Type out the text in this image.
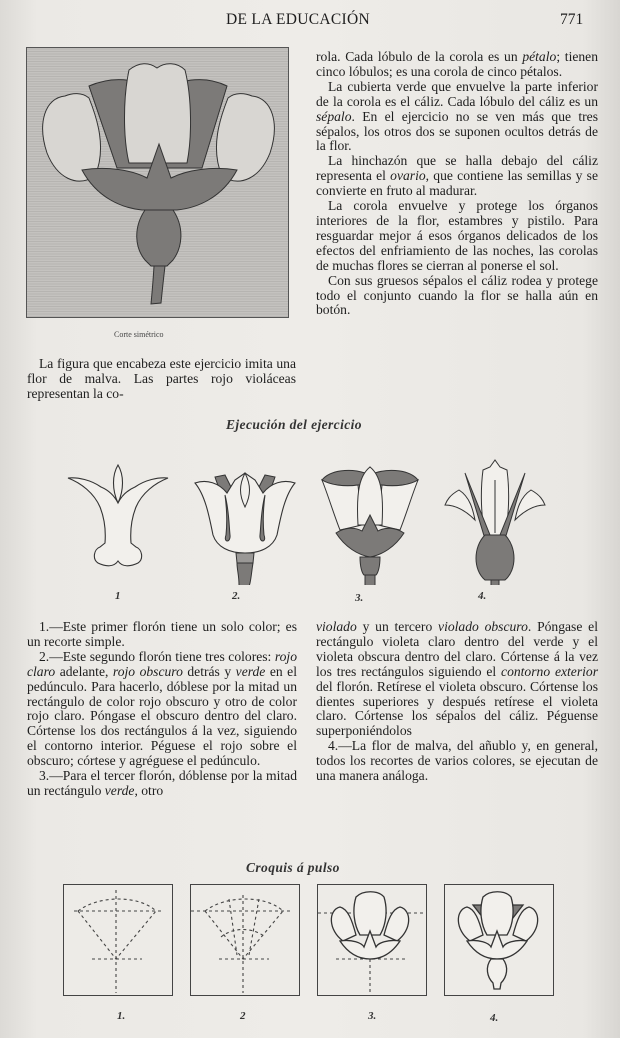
DE LA EDUCACIÓN	771
Corte simétrico

rola. Cada lóbulo de la corola es un pétalo; tienen cinco lóbulos; es una corola de cinco pétalos.

La cubierta verde que envuelve la parte inferior de la corola es el cáliz. Cada lóbulo del cáliz es un sépalo. En el ejercicio no se ven más que tres sépalos, los otros dos se suponen ocultos detrás de la flor.

La hinchazón que se halla debajo del cáliz representa el ovario, que contiene las semillas y se convierte en fruto al madurar.

La corola envuelve y protege los órganos interiores de la flor, estambres y pistilo. Para resguardar mejor á esos órganos delicados de los efectos del enfriamiento de las noches, las corolas de muchas flores se cierran al ponerse el sol.

Con sus gruesos sépalos el cáliz rodea y protege todo el conjunto cuando la flor se halla aún en botón.

La figura que encabeza este ejercicio imita una flor de malva. Las partes rojo violáceas representan la co-

Ejecución del ejercicio
1	2.	3.	4.

1.—Este primer florón tiene un solo color; es un recorte simple.

2.—Este segundo florón tiene tres colores: rojo claro adelante, rojo obscuro detrás y verde en el pedúnculo. Para hacerlo, dóblese por la mitad un rectángulo de color rojo obscuro y otro de color rojo claro. Póngase el obscuro dentro del claro. Córtense los dos rectángulos á la vez, siguiendo el contorno interior. Péguese el rojo sobre el obscuro; córtese y agréguese el pedúnculo.

3.—Para el tercer florón, dóblense por la mitad un rectángulo verde, otro

violado y un tercero violado obscuro. Póngase el rectángulo violeta claro dentro del verde y el violeta obscura dentro del claro. Córtense á la vez los tres rectángulos siguiendo el contorno exterior del florón. Retírese el violeta obscuro. Córtense los dientes superiores y después retírese el violeta claro. Córtense los sépalos del cáliz. Péguense superponiéndolos

4.—La flor de malva, del añublo y, en general, todos los recortes de varios colores, se ejecutan de una manera análoga.

Croquis á pulso
1.	2	3.	4.
